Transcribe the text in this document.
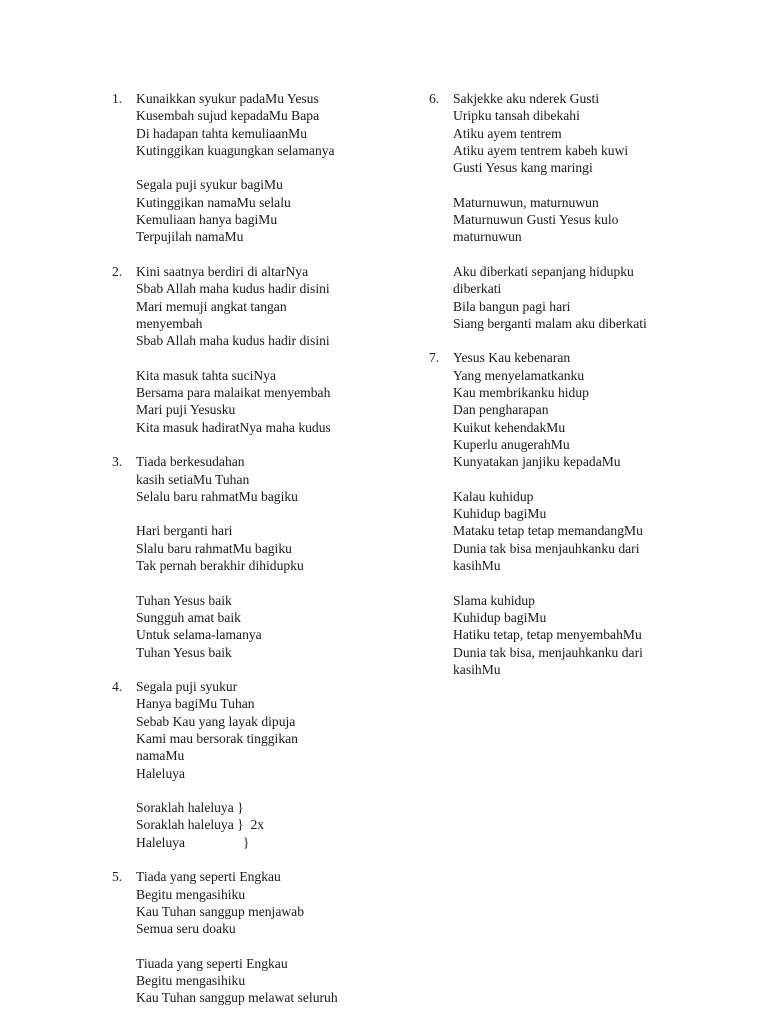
1. Kunaikkan syukur padaMu Yesus
Kusembah sujud kepadaMu Bapa
Di hadapan tahta kemuliaanMu
Kutinggikan kuagungkan selamanya
Segala puji syukur bagiMu
Kutinggikan namaMu selalu
Kemuliaan hanya bagiMu
Terpujilah namaMu
2. Kini saatnya berdiri di altarNya
Sbab Allah maha kudus hadir disini
Mari memuji angkat tangan
menyembah
Sbab Allah maha kudus hadir disini
Kita masuk tahta suciNya
Bersama para malaikat menyembah
Mari puji Yesusku
Kita masuk hadiratNya maha kudus
3. Tiada berkesudahan
kasih setiaMu Tuhan
Selalu baru rahmatMu bagiku
Hari berganti hari
Slalu baru rahmatMu bagiku
Tak pernah berakhir dihidupku
Tuhan Yesus baik
Sungguh amat baik
Untuk selama-lamanya
Tuhan Yesus baik
4. Segala puji syukur
Hanya bagiMu Tuhan
Sebab Kau yang layak dipuja
Kami mau bersorak tinggikan
namaMu
Haleluya
Soraklah haleluya }
Soraklah haleluya }  2x
Haleluya                 }
5. Tiada yang seperti Engkau
Begitu mengasihiku
Kau Tuhan sanggup menjawab
Semua seru doaku
Tiuada yang seperti Engkau
Begitu mengasihiku
Kau Tuhan sanggup melawat seluruh
6. Sakjekke aku nderek Gusti
Uripku tansah dibekahi
Atiku ayem tentrem
Atiku ayem tentrem kabeh kuwi
Gusti Yesus kang maringi
Maturnuwun, maturnuwun
Maturnuwun Gusti Yesus kulo
maturnuwun
Aku diberkati sepanjang hidupku
diberkati
Bila bangun pagi hari
Siang berganti malam aku diberkati
7. Yesus Kau kebenaran
Yang menyelamatkanku
Kau membrikanku hidup
Dan pengharapan
Kuikut kehendakMu
Kuperlu anugerahMu
Kunyatakan janjiku kepadaMu
Kalau kuhidup
Kuhidup bagiMu
Mataku tetap tetap memandangMu
Dunia tak bisa menjauhkanku dari
kasihMu
Slama kuhidup
Kuhidup bagiMu
Hatiku tetap, tetap menyembahMu
Dunia tak bisa, menjauhkanku dari
kasihMu
